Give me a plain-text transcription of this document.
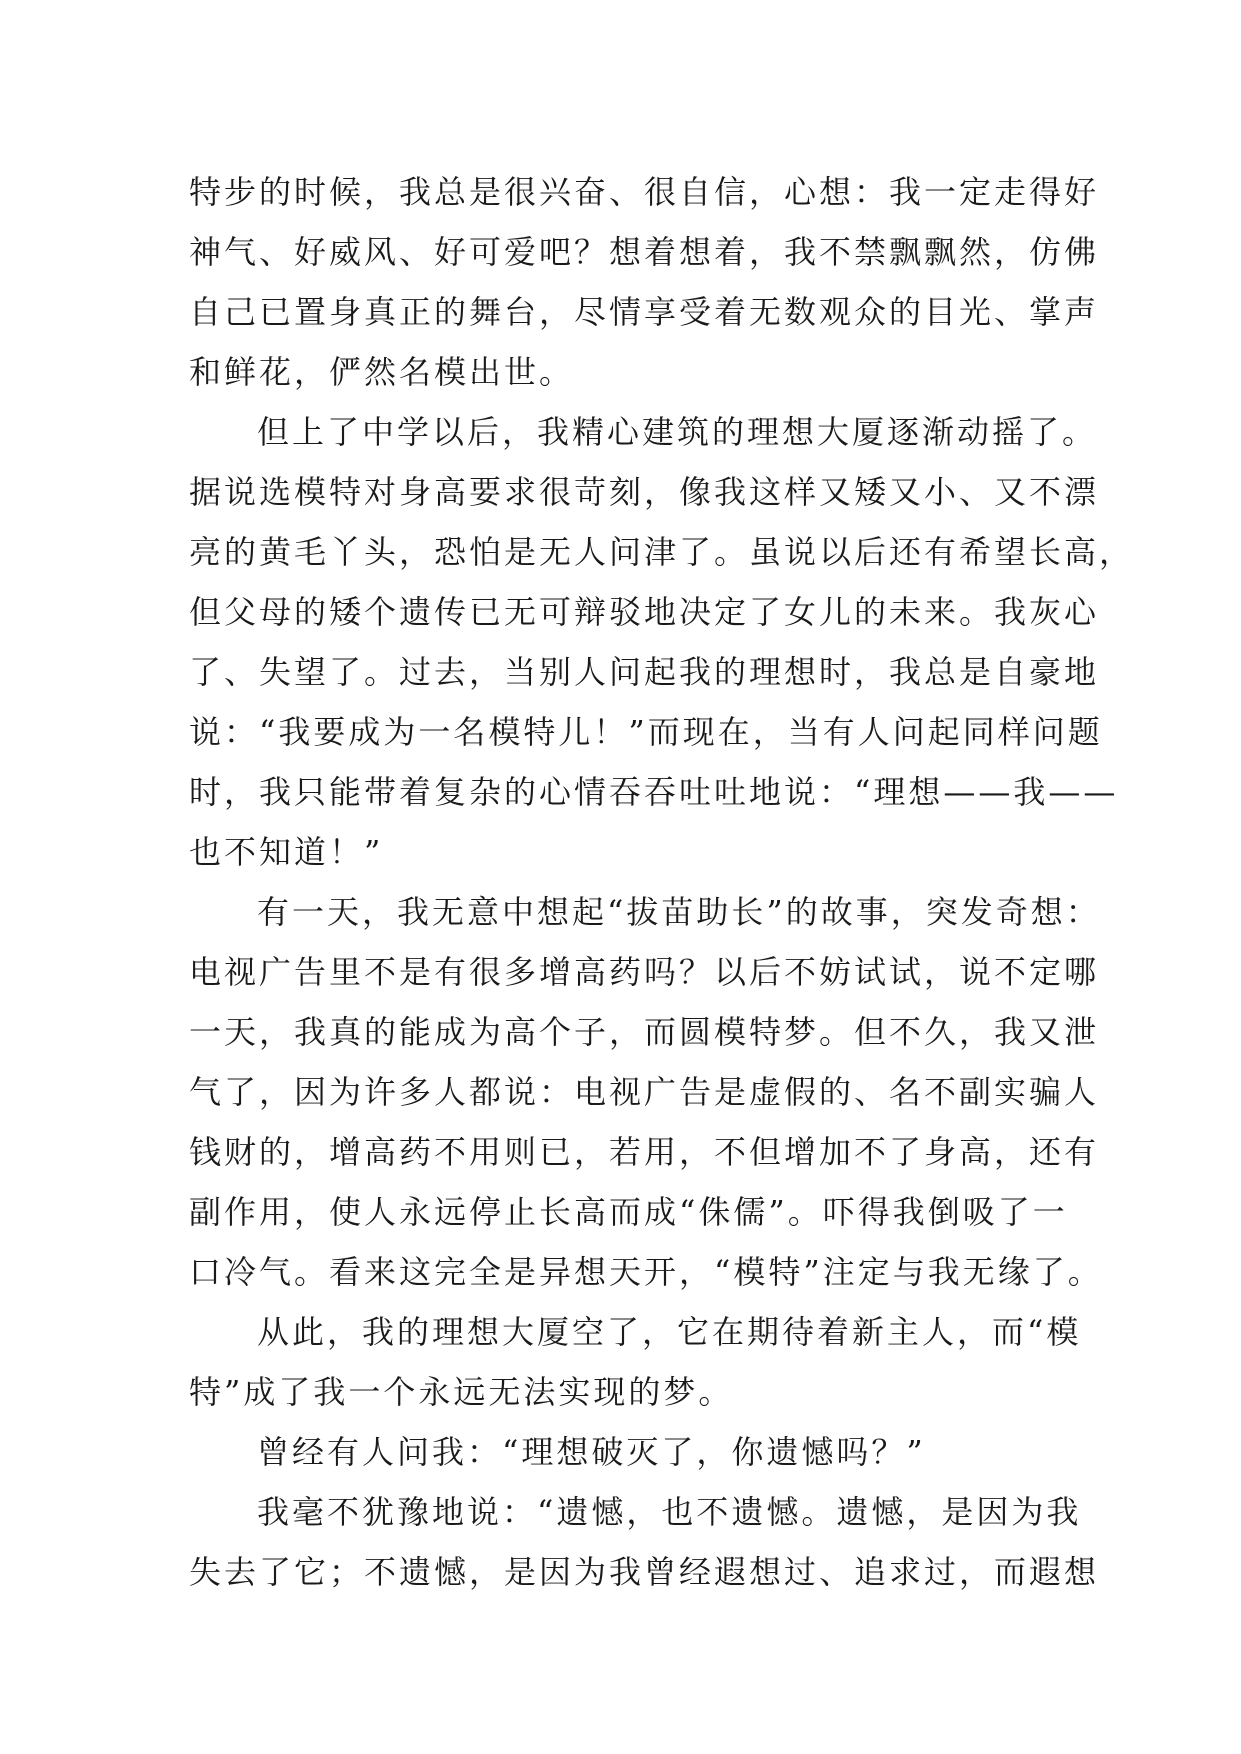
特步的时候，我总是很兴奋、很自信，心想：我一定走得好
神气、好威风、好可爱吧？想着想着，我不禁飘飘然，仿佛
自己已置身真正的舞台，尽情享受着无数观众的目光、掌声
和鲜花，俨然名模出世。
但上了中学以后，我精心建筑的理想大厦逐渐动摇了。
据说选模特对身高要求很苛刻，像我这样又矮又小、又不漂
亮的黄毛丫头，恐怕是无人问津了。虽说以后还有希望长高，
但父母的矮个遗传已无可辩驳地决定了女儿的未来。我灰心
了、失望了。过去，当别人问起我的理想时，我总是自豪地
说：“我要成为一名模特儿！”而现在，当有人问起同样问题
时，我只能带着复杂的心情吞吞吐吐地说：“理想——我——
也不知道！”
有一天，我无意中想起“拔苗助长”的故事，突发奇想：
电视广告里不是有很多增高药吗？以后不妨试试，说不定哪
一天，我真的能成为高个子，而圆模特梦。但不久，我又泄
气了，因为许多人都说：电视广告是虚假的、名不副实骗人
钱财的，增高药不用则已，若用，不但增加不了身高，还有
副作用，使人永远停止长高而成“侏儒”。吓得我倒吸了一
口冷气。看来这完全是异想天开，“模特”注定与我无缘了。
从此，我的理想大厦空了，它在期待着新主人，而“模
特”成了我一个永远无法实现的梦。
曾经有人问我：“理想破灭了，你遗憾吗？”
我毫不犹豫地说：“遗憾，也不遗憾。遗憾，是因为我
失去了它；不遗憾，是因为我曾经遐想过、追求过，而遐想
